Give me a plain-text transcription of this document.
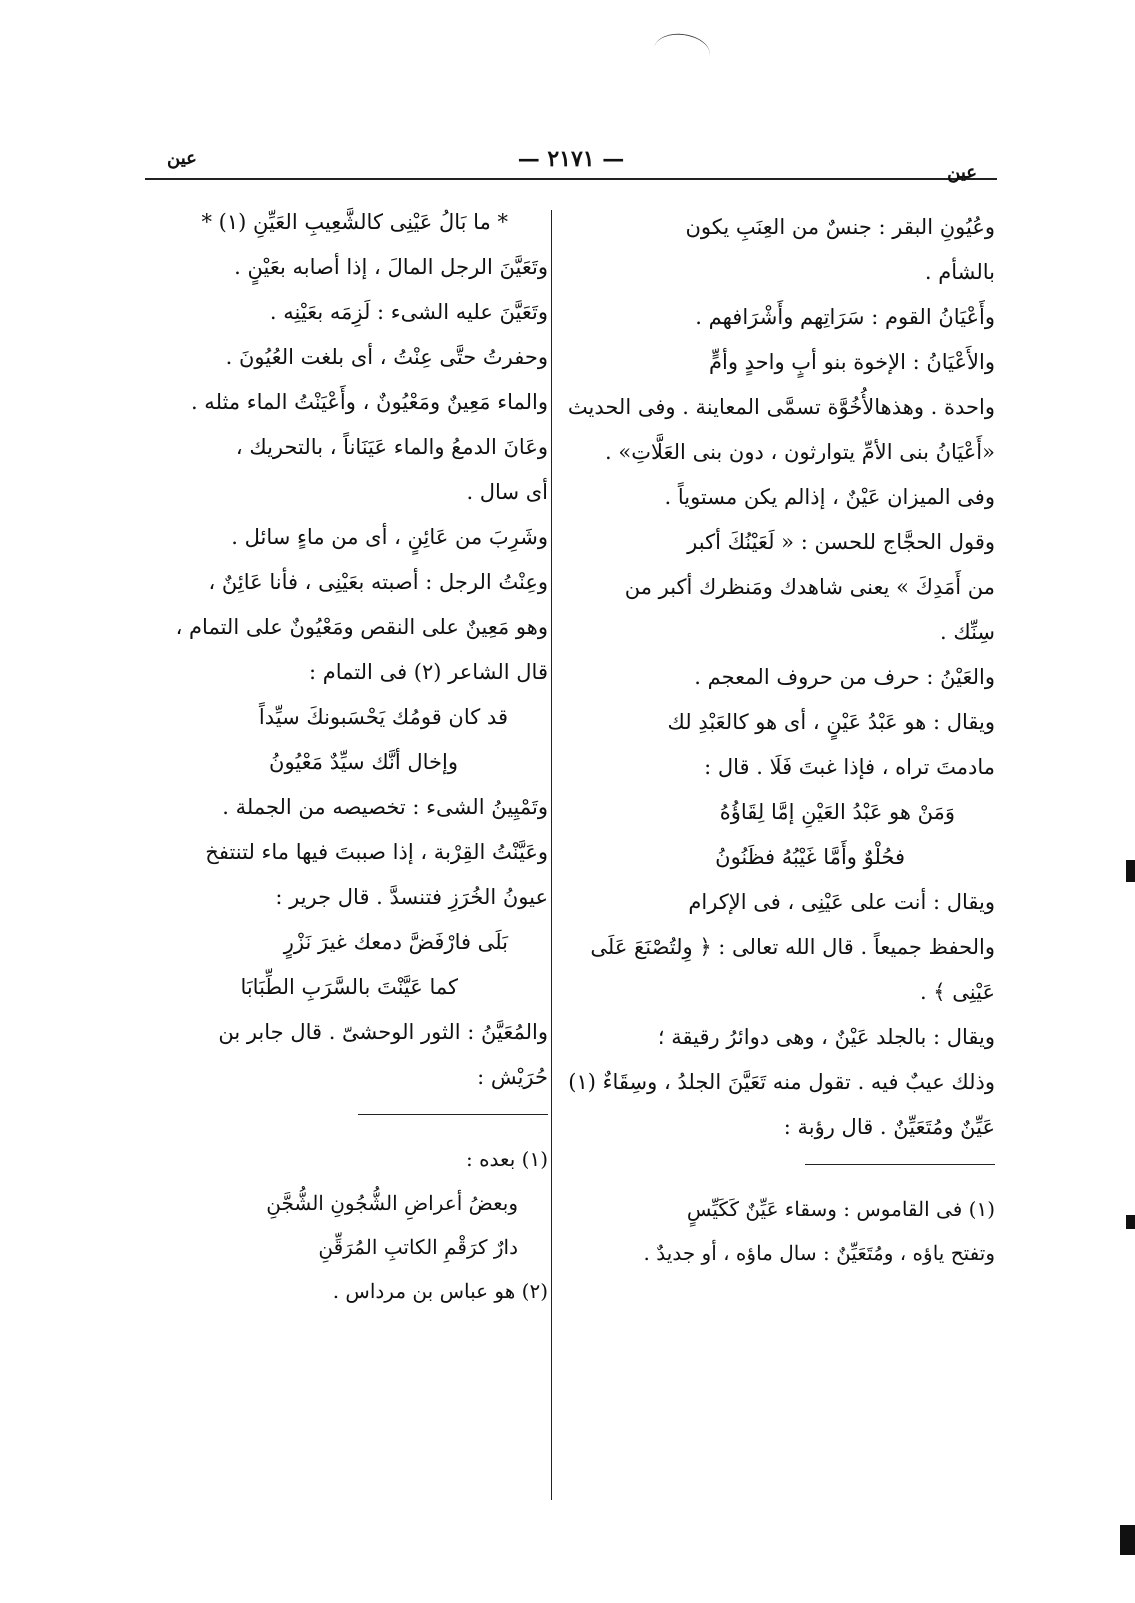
عين	— ٢١٧١ —
عين

وعُيُونِ البقر : جنسٌ من العِنَبِ يكون

بالشأم .

وأَعْيَانُ القوم : سَرَاتِهم وأَشْرَافهم .

والأَعْيَانُ : الإخوة بنو أبٍ واحدٍ وأمٍّ

واحدة . وهذهالأُخُوَّة تسمَّى المعاينة . وفى الحديث

«أَعْيَانُ بنى الأمِّ يتوارثون ، دون بنى العَلَّاتِ» .

وفى الميزان عَيْنٌ ، إذالم يكن مستوياً .

وقول الحجَّاج للحسن : « لَعَيْنُكَ أكبر

من أَمَدِكَ » يعنى شاهدك ومَنظرك أكبر من

سِنِّك .

والعَيْنُ : حرف من حروف المعجم .

ويقال : هو عَبْدُ عَيْنٍ ، أى هو كالعَبْدِ لك

مادمتَ تراه ، فإذا غبتَ فَلَا . قال :

وَمَنْ هو عَبْدُ العَيْنِ إمَّا لِقَاؤُهُ

فحُلْوٌ وأَمَّا غَيْبُهُ فظَنُونُ

ويقال : أنت على عَيْنِى ، فى الإكرام

والحفظ جميعاً . قال الله تعالى : ﴿ وِلتُصْنَعَ عَلَى

عَيْنِى ﴾ .

ويقال : بالجلد عَيْنٌ ، وهى دوائرُ رقيقة ؛

وذلك عيبٌ فيه . تقول منه تَعَيَّنَ الجلدُ ، وسِقَاءٌ (١)

عَيِّنٌ ومُتَعَيِّنٌ . قال رؤبة :

(١) فى القاموس : وسقاء عَيِّنٌ كَكَيِّسٍ

وتفتح ياؤه ، ومُتَعَيِّنٌ : سال ماؤه ، أو جديدٌ .

* ما بَالُ عَيْنِى كالشَّعِيبِ العَيِّنِ (١) *

وتَعَيَّنَ الرجل المالَ ، إذا أصابه بعَيْنٍ .

وتَعَيَّنَ عليه الشىء : لَزِمَه بعَيْنِه .

وحفرتُ حتَّى عِنْتُ ، أى بلغت العُيُونَ .

والماء مَعِينٌ ومَعْيُونٌ ، وأَعْيَنْتُ الماء مثله .

وعَانَ الدمعُ والماء عَيَنَاناً ، بالتحريك ،

أى سال .

وشَرِبَ من عَائِنٍ ، أى من ماءٍ سائل .

وعِنْتُ الرجل : أصبته بعَيْنِى ، فأنا عَائِنٌ ،

وهو مَعِينٌ على النقص ومَعْيُونٌ على التمام ،

قال الشاعر (٢) فى التمام :

قد كان قومُك يَحْسَبونكَ سيِّداً

وإخال أنَّك سيِّدٌ مَعْيُونُ

وتَمْيِينُ الشىء : تخصيصه من الجملة .

وعَيَّنْتُ القِرْبة ، إذا صببتَ فيها ماء لتنتفخ

عيونُ الخُرَزِ فتنسدَّ . قال جرير :

بَلَى فارْفَضَّ دمعك غيرَ نَزْرٍ

كما عَيَّنْتَ بالسَّرَبِ الطِّبَابَا

والمُعَيَّنُ : الثور الوحشىّ . قال جابر بن

حُرَيْش :

(١) بعده :

وبعضُ أعراضِ الشُّجُونِ الشُّجَّنِ

دارٌ كرَقْمِ الكاتبِ المُرَقِّنِ

(٢) هو عباس بن مرداس .
